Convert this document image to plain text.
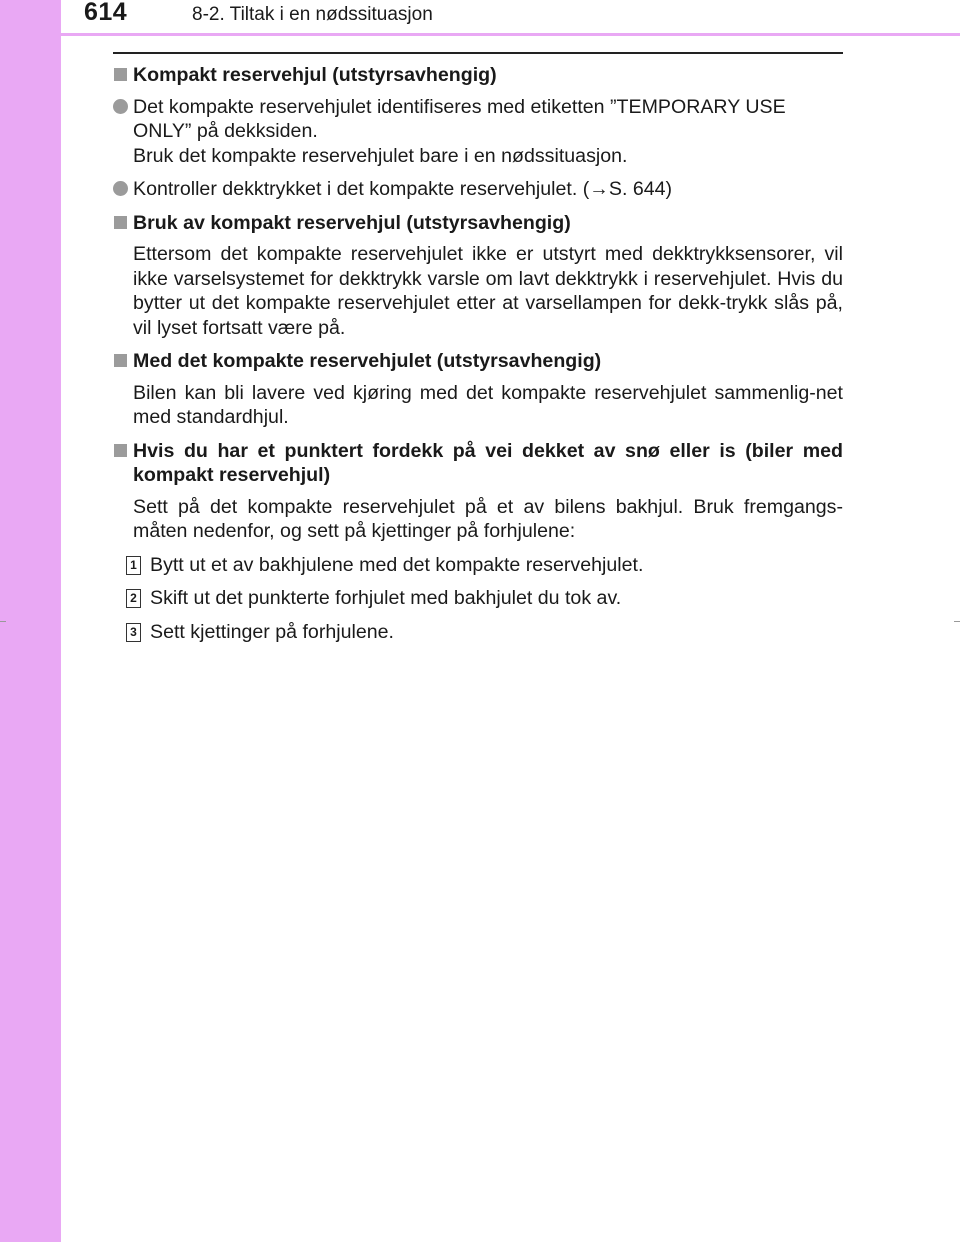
614	8-2. Tiltak i en nødssituasjon
Kompakt reservehjul (utstyrsavhengig)
Det kompakte reservehjulet identifiseres med etiketten ”TEMPORARY USE
ONLY” på dekksiden.
Bruk det kompakte reservehjulet bare i en nødssituasjon.
Kontroller dekktrykket i det kompakte reservehjulet. (→S. 644)
Bruk av kompakt reservehjul (utstyrsavhengig)
Ettersom det kompakte reservehjulet ikke er utstyrt med dekktrykksensorer, vil ikke varselsystemet for dekktrykk varsle om lavt dekktrykk i reservehjulet. Hvis du bytter ut det kompakte reservehjulet etter at varsellampen for dekk-trykk slås på, vil lyset fortsatt være på.
Med det kompakte reservehjulet (utstyrsavhengig)
Bilen kan bli lavere ved kjøring med det kompakte reservehjulet sammenlig-net med standardhjul.
Hvis du har et punktert fordekk på vei dekket av snø eller is (biler med kompakt reservehjul)
Sett på det kompakte reservehjulet på et av bilens bakhjul. Bruk fremgangs-måten nedenfor, og sett på kjettinger på forhjulene:
1 Bytt ut et av bakhjulene med det kompakte reservehjulet.
2 Skift ut det punkterte forhjulet med bakhjulet du tok av.
3 Sett kjettinger på forhjulene.
